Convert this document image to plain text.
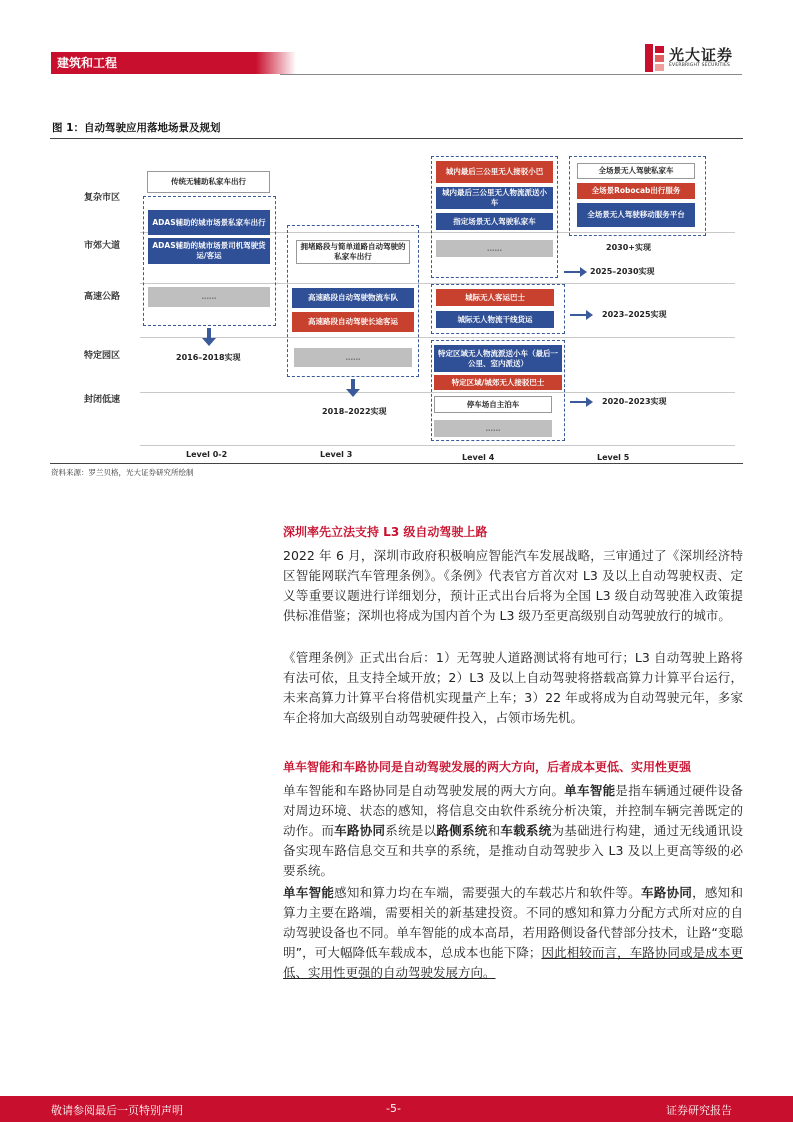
建筑和工程	光大证券
EVERBRIGHT SECURITIES
图 1：自动驾驶应用落地场景及规划
复杂市区
市郊大道
高速公路
特定园区
封闭低速
传统无辅助私家车出行
ADAS辅助的城市场景私家车出行
ADAS辅助的城市场景司机驾驶货运/客运
……
2016–2018实现
拥堵路段与简单道路自动驾驶的私家车出行
高速路段自动驾驶物流车队
高速路段自动驾驶长途客运
……
2018–2022实现
城内最后三公里无人接驳小巴
城内最后三公里无人物流派送小车
指定场景无人驾驶私家车
……
城际无人客运巴士
城际无人物流干线货运
特定区域无人物流派送小车（最后一公里、室内派送）
特定区域/城郊无人接驳巴士
停车场自主泊车
……
全场景无人驾驶私家车
全场景Robocab出行服务
全场景无人驾驶移动服务平台
2030+实现
2025–2030实现
2023–2025实现
2020–2023实现
Level 0-2	Level 3	Level 4	Level 5
资料来源：罗兰贝格，光大证券研究所绘制
深圳率先立法支持 L3 级自动驾驶上路
2022 年 6 月，深圳市政府积极响应智能汽车发展战略，三审通过了《深圳经济特区智能网联汽车管理条例》。《条例》代表官方首次对 L3 及以上自动驾驶权责、定义等重要议题进行详细划分，预计正式出台后将为全国 L3 级自动驾驶准入政策提供标准借鉴；深圳也将成为国内首个为 L3 级乃至更高级别自动驾驶放行的城市。
《管理条例》正式出台后：1）无驾驶人道路测试将有地可行；L3 自动驾驶上路将有法可依，且支持全域开放；2）L3 及以上自动驾驶将搭载高算力计算平台运行，未来高算力计算平台将借机实现量产上车；3）22 年或将成为自动驾驶元年，多家车企将加大高级别自动驾驶硬件投入，占领市场先机。
单车智能和车路协同是自动驾驶发展的两大方向，后者成本更低、实用性更强
单车智能和车路协同是自动驾驶发展的两大方向。单车智能是指车辆通过硬件设备对周边环境、状态的感知，将信息交由软件系统分析决策，并控制车辆完善既定的动作。而车路协同系统是以路侧系统和车载系统为基础进行构建，通过无线通讯设备实现车路信息交互和共享的系统，是推动自动驾驶步入 L3 及以上更高等级的必要系统。
单车智能感知和算力均在车端，需要强大的车载芯片和软件等。车路协同，感知和算力主要在路端，需要相关的新基建投资。不同的感知和算力分配方式所对应的自动驾驶设备也不同。单车智能的成本高昂，若用路侧设备代替部分技术，让路“变聪明”，可大幅降低车载成本，总成本也能下降；因此相较而言，车路协同或是成本更低、实用性更强的自动驾驶发展方向。
敬请参阅最后一页特别声明	-5-	证券研究报告
